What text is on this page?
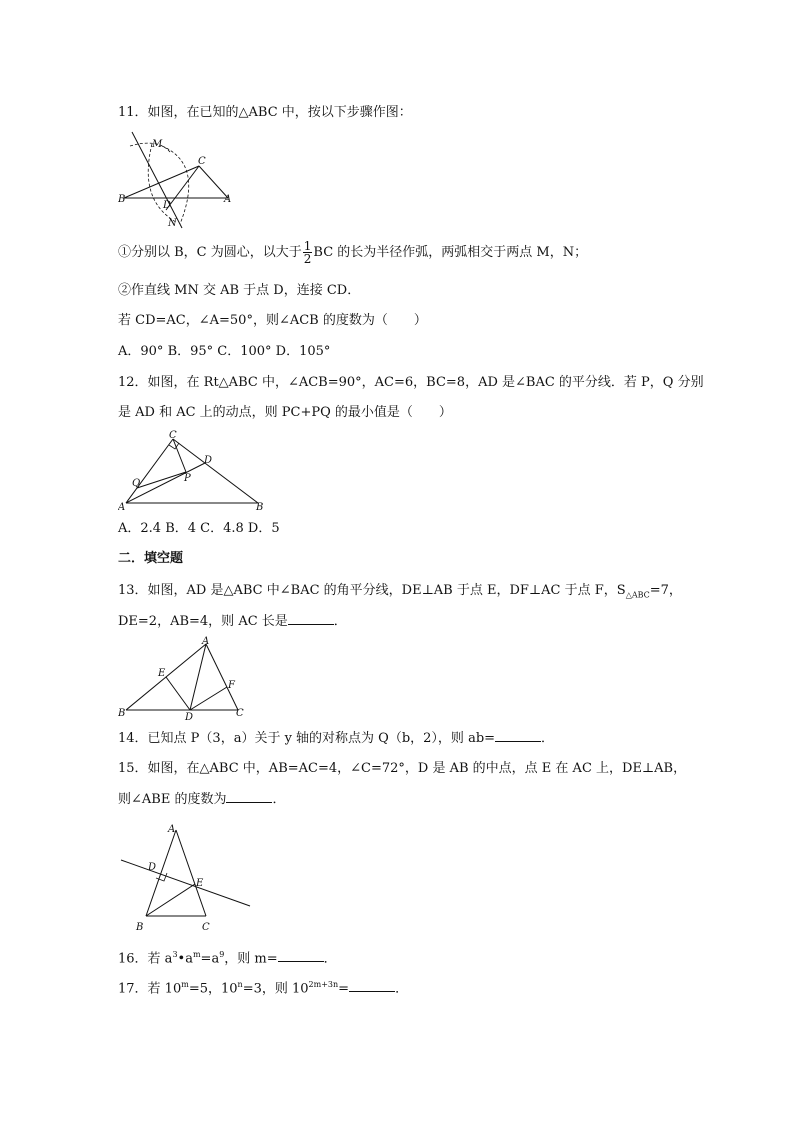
11．如图，在已知的△ABC 中，按以下步骤作图：
M
C
B
D
A
N
①分别以 B，C 为圆心，以大于 $\frac{1}{2}$ BC 的长为半径作弧，两弧相交于两点 M，N；
②作直线 MN 交 AB 于点 D，连接 CD．
若 CD=AC，∠A=50°，则∠ACB 的度数为（　　）
A．90° B．95° C．100° D．105°
12．如图，在 Rt△ABC 中，∠ACB=90°，AC=6，BC=8，AD 是∠BAC 的平分线．若 P，Q 分别
是 AD 和 AC 上的动点，则 PC+PQ 的最小值是（　　）
C
D
Q	P
A	B
A．2.4 B．4 C．4.8 D．5
二．填空题
13．如图，AD 是△ABC 中∠BAC 的角平分线，DE⊥AB 于点 E，DF⊥AC 于点 F，$S_{\triangle ABC}=7$，
DE=2，AB=4，则 AC 长是	．
A
E
F
B	D	C
14．已知点 P（3，a）关于 y 轴的对称点为 Q（b，2），则 ab=	．
15．如图，在△ABC 中，AB=AC=4，∠C=72°，D 是 AB 的中点，点 E 在 AC 上，DE⊥AB，
则∠ABE 的度数为	．
A
D
E
B	C
16．若 $a^3•a^m=a^9$，则 m=	．
17．若 $10^m=5$，$10^n=3$，则 $10^{2m+3n}=$	．
